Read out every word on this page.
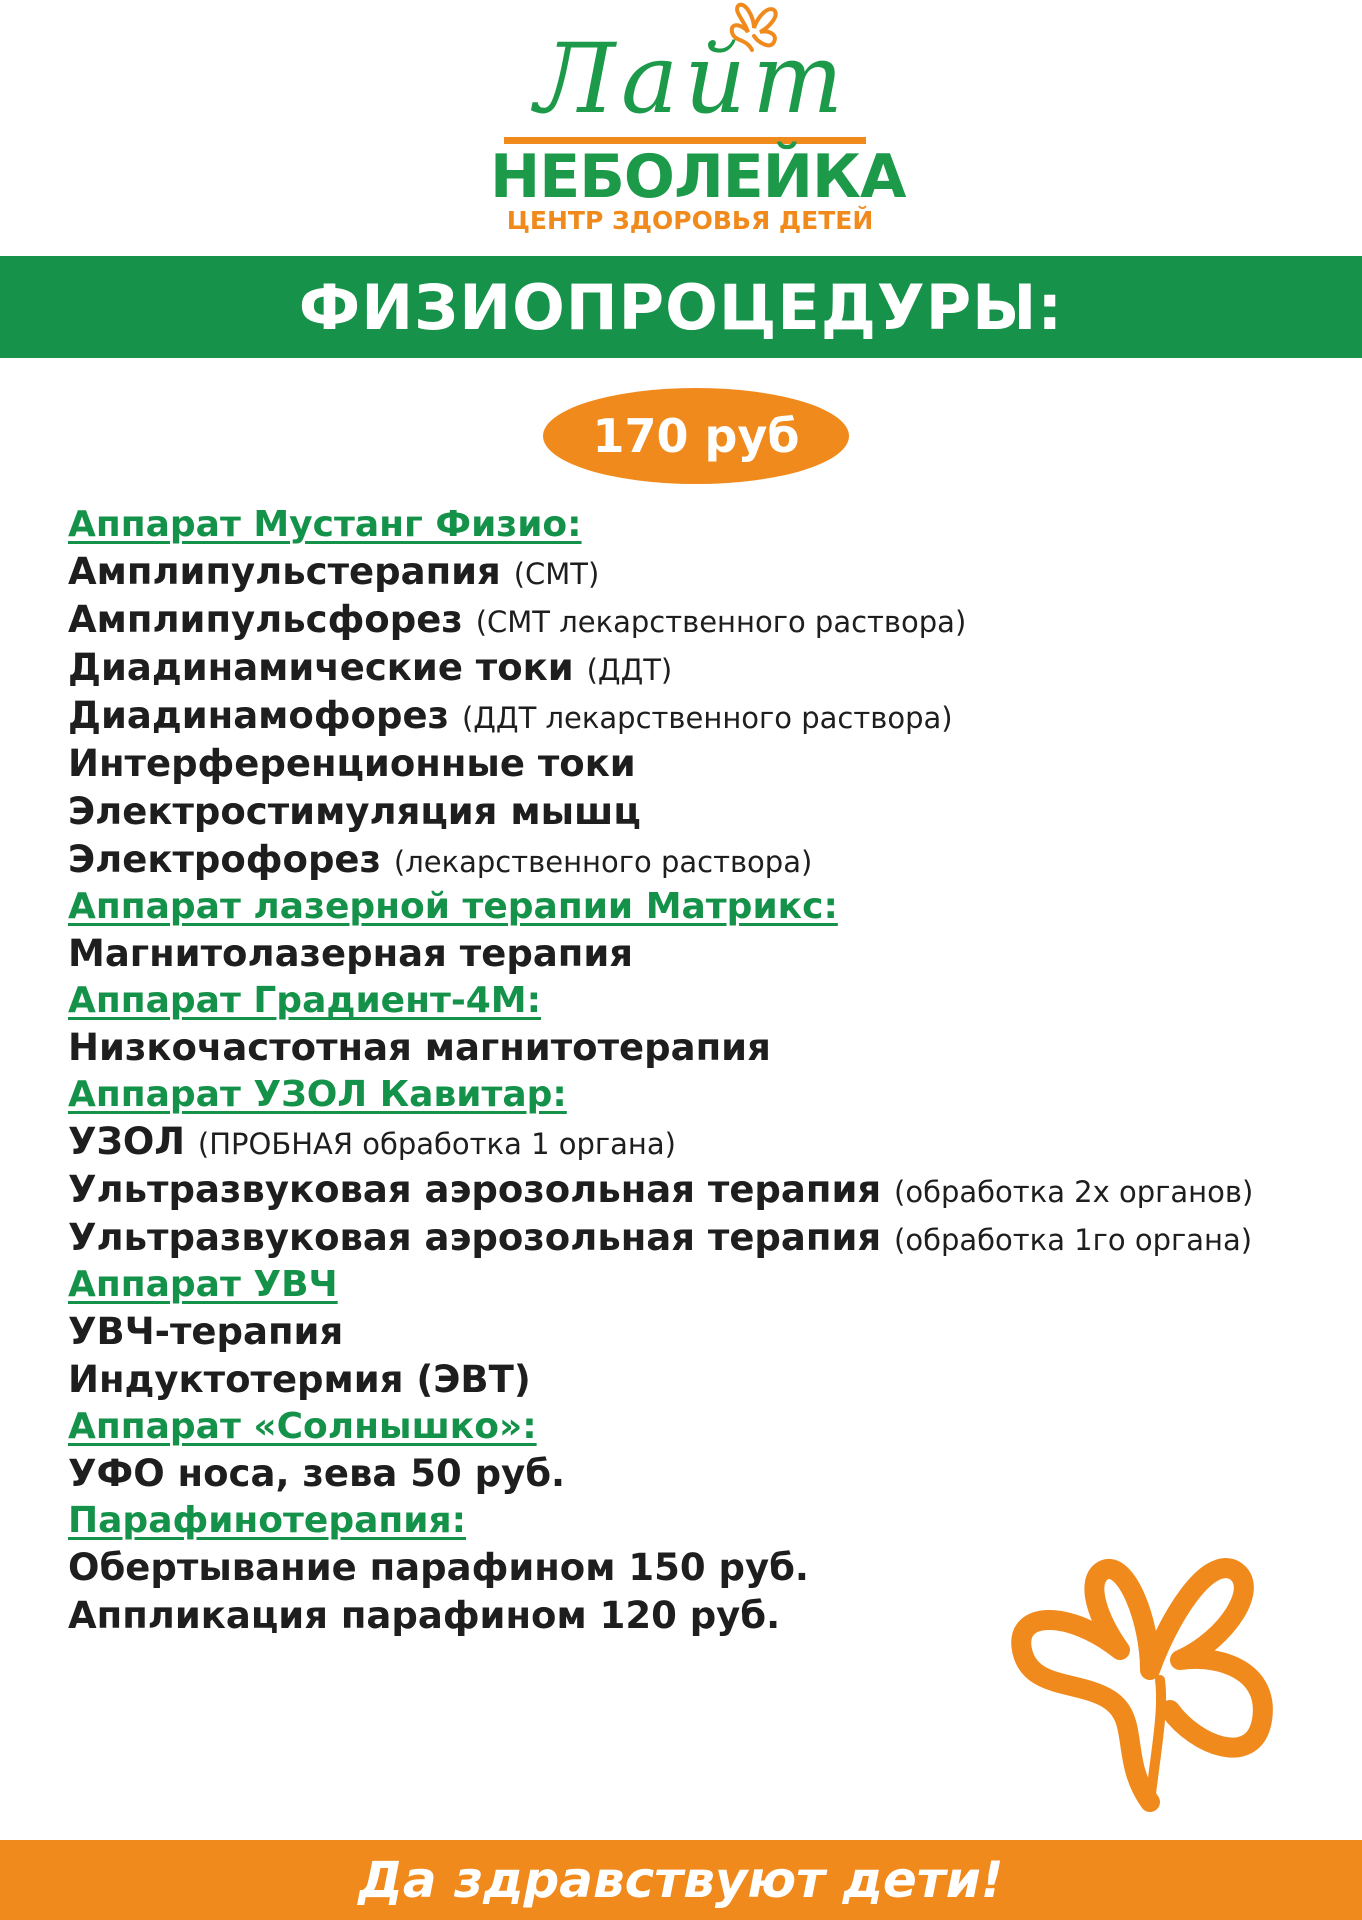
Лайт
НЕБОЛЕЙКА
ЦЕНТР ЗДОРОВЬЯ ДЕТЕЙ
ФИЗИОПРОЦЕДУРЫ:
170 руб
Аппарат Мустанг Физио:
Амплипульстерапия (СМТ)
Амплипульсфорез (СМТ лекарственного раствора)
Диадинамические токи (ДДТ)
Диадинамофорез (ДДТ лекарственного раствора)
Интерференционные токи
Электростимуляция мышц
Электрофорез (лекарственного раствора)
Аппарат лазерной терапии Матрикс:
Магнитолазерная терапия
Аппарат Градиент-4М:
Низкочастотная магнитотерапия
Аппарат УЗОЛ Кавитар:
УЗОЛ (ПРОБНАЯ обработка 1 органа)
Ультразвуковая аэрозольная терапия (обработка 2х органов)
Ультразвуковая аэрозольная терапия (обработка 1го органа)
Аппарат УВЧ
УВЧ-терапия
Индуктотермия (ЭВТ)
Аппарат «Солнышко»:
УФО носа, зева 50 руб.
Парафинотерапия:
Обертывание парафином 150 руб.
Аппликация парафином 120 руб.
Да здравствуют дети!
